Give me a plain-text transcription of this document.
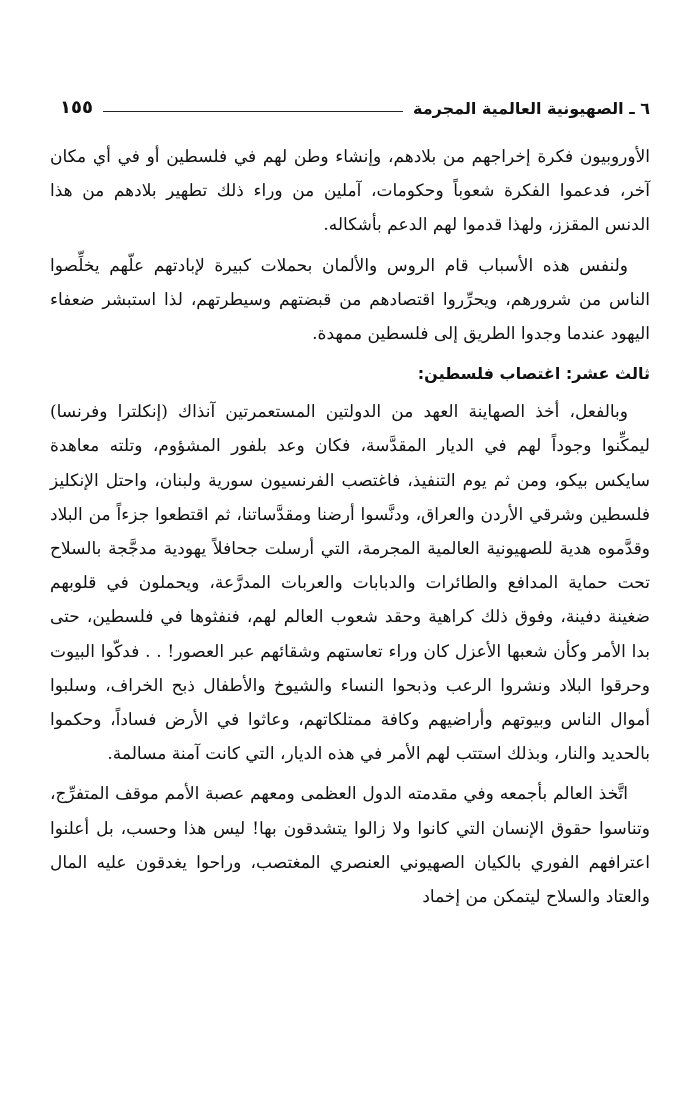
٦ ـ الصهيونية العالمية المجرمة
١٥٥

الأوروبيون فكرة إخراجهم من بلادهم، وإنشاء وطن لهم في فلسطين أو في أي مكان آخر، فدعموا الفكرة شعوباً وحكومات، آملين من وراء ذلك تطهير بلادهم من هذا الدنس المقزز، ولهذا قدموا لهم الدعم بأشكاله.

ولنفس هذه الأسباب قام الروس والألمان بحملات كبيرة لإبادتهم علّهم يخلِّصوا الناس من شرورهم، ويحرِّروا اقتصادهم من قبضتهم وسيطرتهم، لذا استبشر ضعفاء اليهود عندما وجدوا الطريق إلى فلسطين ممهدة.

ثالث عشر: اغتصاب فلسطين:

وبالفعل، أخذ الصهاينة العهد من الدولتين المستعمرتين آنذاك (إنكلترا وفرنسا) ليمكِّنوا وجوداً لهم في الديار المقدَّسة، فكان وعد بلفور المشؤوم، وتلته معاهدة سايكس بيكو، ومن ثم يوم التنفيذ، فاغتصب الفرنسيون سورية ولبنان، واحتل الإنكليز فلسطين وشرقي الأردن والعراق، ودنَّسوا أرضنا ومقدَّساتنا، ثم اقتطعوا جزءاً من البلاد وقدَّموه هدية للصهيونية العالمية المجرمة، التي أرسلت جحافلاً يهودية مدجَّجة بالسلاح تحت حماية المدافع والطائرات والدبابات والعربات المدرَّعة، ويحملون في قلوبهم ضغينة دفينة، وفوق ذلك كراهية وحقد شعوب العالم لهم، فنفثوها في فلسطين، حتى بدا الأمر وكأن شعبها الأعزل كان وراء تعاستهم وشقائهم عبر العصور! . . فدكّوا البيوت وحرقوا البلاد ونشروا الرعب وذبحوا النساء والشيوخ والأطفال ذبح الخراف، وسلبوا أموال الناس وبيوتهم وأراضيهم وكافة ممتلكاتهم، وعاثوا في الأرض فساداً، وحكموا بالحديد والنار، وبذلك استتب لهم الأمر في هذه الديار، التي كانت آمنة مسالمة.

اتَّخذ العالم بأجمعه وفي مقدمته الدول العظمى ومعهم عصبة الأمم موقف المتفرِّج، وتناسوا حقوق الإنسان التي كانوا ولا زالوا يتشدقون بها! ليس هذا وحسب، بل أعلنوا اعترافهم الفوري بالكيان الصهيوني العنصري المغتصب، وراحوا يغدقون عليه المال والعتاد والسلاح ليتمكن من إخماد
